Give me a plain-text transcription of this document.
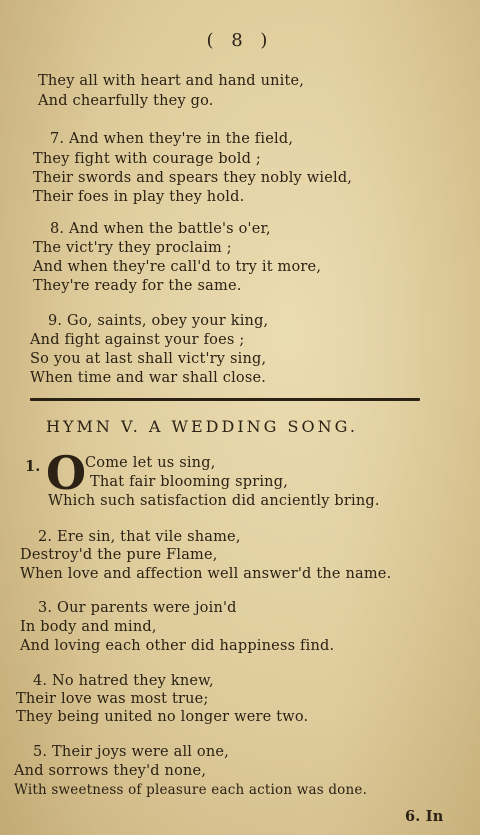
( 8 )
They all with heart and hand unite,
And chearfully they go.
7. And when they're in the field,
They fight with courage bold ;
Their swords and spears they nobly wield,
Their foes in play they hold.
8. And when the battle's o'er,
The vict'ry they proclaim ;
And when they're call'd to try it more,
They're ready for the same.
9. Go, saints, obey your king,
And fight against your foes ;
So you at last shall vict'ry sing,
When time and war shall close.
HYMN V. A WEDDING SONG.
1. O
Come let us sing,
That fair blooming spring,
Which such satisfaction did anciently bring.
2. Ere sin, that vile shame,
Destroy'd the pure Flame,
When love and affection well answer'd the name.
3. Our parents were join'd
In body and mind,
And loving each other did happiness find.
4. No hatred they knew,
Their love was most true;
They being united no longer were two.
5. Their joys were all one,
And sorrows they'd none,
With sweetness of pleasure each action was done.
6. In
